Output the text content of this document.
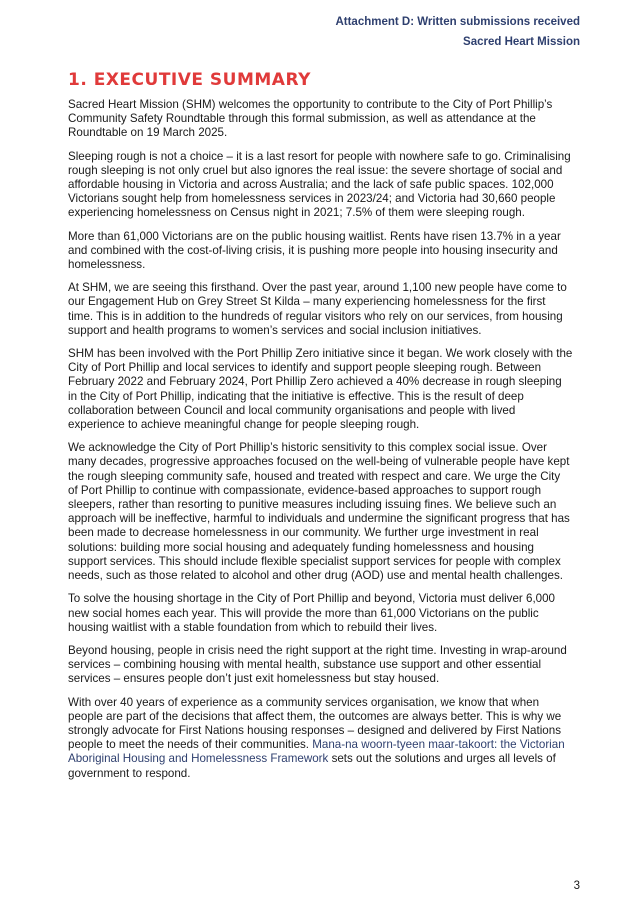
Attachment D: Written submissions received
Sacred Heart Mission
1. EXECUTIVE SUMMARY

Sacred Heart Mission (SHM) welcomes the opportunity to contribute to the City of Port Phillip’s Community Safety Roundtable through this formal submission, as well as attendance at the Roundtable on 19 March 2025.

Sleeping rough is not a choice – it is a last resort for people with nowhere safe to go. Criminalising rough sleeping is not only cruel but also ignores the real issue: the severe shortage of social and affordable housing in Victoria and across Australia; and the lack of safe public spaces. 102,000 Victorians sought help from homelessness services in 2023/24; and Victoria had 30,660 people experiencing homelessness on Census night in 2021; 7.5% of them were sleeping rough.

More than 61,000 Victorians are on the public housing waitlist. Rents have risen 13.7% in a year and combined with the cost-of-living crisis, it is pushing more people into housing insecurity and homelessness.

At SHM, we are seeing this firsthand. Over the past year, around 1,100 new people have come to our Engagement Hub on Grey Street St Kilda – many experiencing homelessness for the first time. This is in addition to the hundreds of regular visitors who rely on our services, from housing support and health programs to women’s services and social inclusion initiatives.

SHM has been involved with the Port Phillip Zero initiative since it began. We work closely with the City of Port Phillip and local services to identify and support people sleeping rough. Between February 2022 and February 2024, Port Phillip Zero achieved a 40% decrease in rough sleeping in the City of Port Phillip, indicating that the initiative is effective. This is the result of deep collaboration between Council and local community organisations and people with lived experience to achieve meaningful change for people sleeping rough.

We acknowledge the City of Port Phillip’s historic sensitivity to this complex social issue. Over many decades, progressive approaches focused on the well-being of vulnerable people have kept the rough sleeping community safe, housed and treated with respect and care. We urge the City of Port Phillip to continue with compassionate, evidence-based approaches to support rough sleepers, rather than resorting to punitive measures including issuing fines. We believe such an approach will be ineffective, harmful to individuals and undermine the significant progress that has been made to decrease homelessness in our community. We further urge investment in real solutions: building more social housing and adequately funding homelessness and housing support services. This should include flexible specialist support services for people with complex needs, such as those related to alcohol and other drug (AOD) use and mental health challenges.

To solve the housing shortage in the City of Port Phillip and beyond, Victoria must deliver 6,000 new social homes each year. This will provide the more than 61,000 Victorians on the public housing waitlist with a stable foundation from which to rebuild their lives.

Beyond housing, people in crisis need the right support at the right time. Investing in wrap-around services – combining housing with mental health, substance use support and other essential services – ensures people don’t just exit homelessness but stay housed.

With over 40 years of experience as a community services organisation, we know that when people are part of the decisions that affect them, the outcomes are always better. This is why we strongly advocate for First Nations housing responses – designed and delivered by First Nations people to meet the needs of their communities. Mana-na woorn-tyeen maar-takoort: the Victorian Aboriginal Housing and Homelessness Framework sets out the solutions and urges all levels of government to respond.

3
